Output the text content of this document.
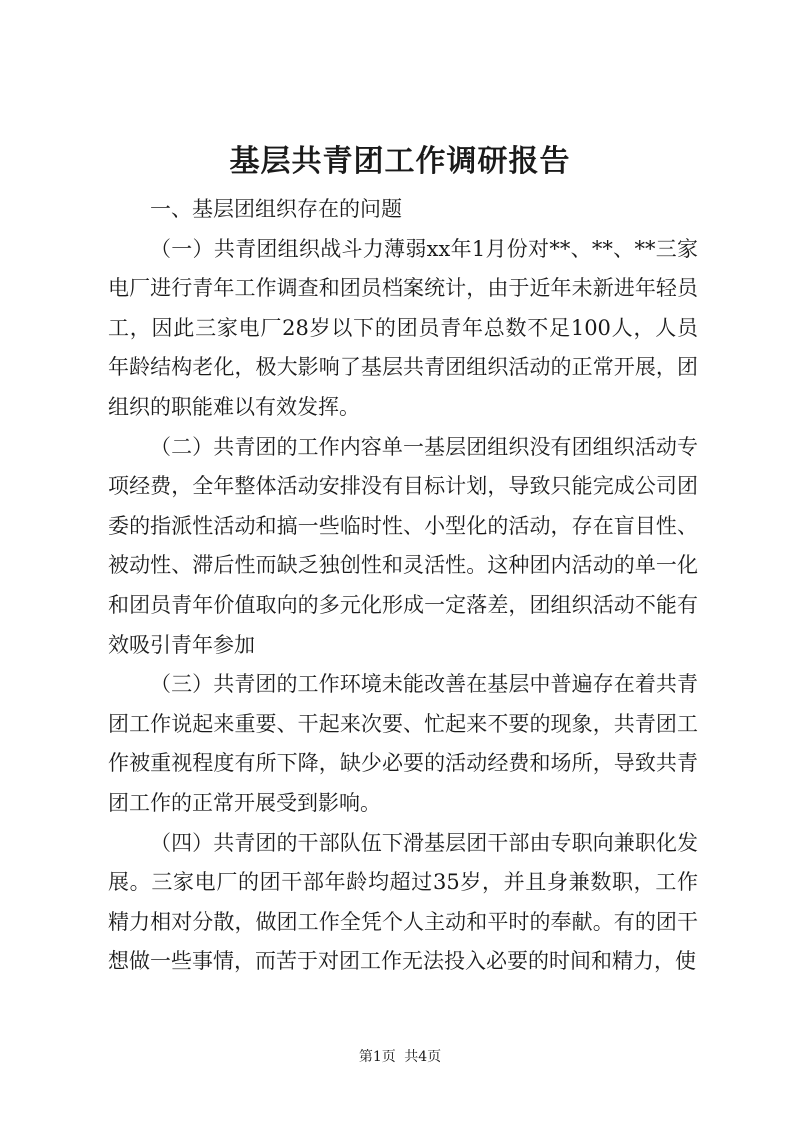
基层共青团工作调研报告

一、基层团组织存在的问题

（一）共青团组织战斗力薄弱xx年1月份对**、**、**三家电厂进行青年工作调查和团员档案统计，由于近年未新进年轻员工，因此三家电厂28岁以下的团员青年总数不足100人，人员年龄结构老化，极大影响了基层共青团组织活动的正常开展，团组织的职能难以有效发挥。

（二）共青团的工作内容单一基层团组织没有团组织活动专项经费，全年整体活动安排没有目标计划，导致只能完成公司团委的指派性活动和搞一些临时性、小型化的活动，存在盲目性、被动性、滞后性而缺乏独创性和灵活性。这种团内活动的单一化和团员青年价值取向的多元化形成一定落差，团组织活动不能有效吸引青年参加

（三）共青团的工作环境未能改善在基层中普遍存在着共青团工作说起来重要、干起来次要、忙起来不要的现象，共青团工作被重视程度有所下降，缺少必要的活动经费和场所，导致共青团工作的正常开展受到影响。

（四）共青团的干部队伍下滑基层团干部由专职向兼职化发展。三家电厂的团干部年龄均超过35岁，并且身兼数职，工作精力相对分散，做团工作全凭个人主动和平时的奉献。有的团干想做一些事情，而苦于对团工作无法投入必要的时间和精力，使

第1页 共4页
